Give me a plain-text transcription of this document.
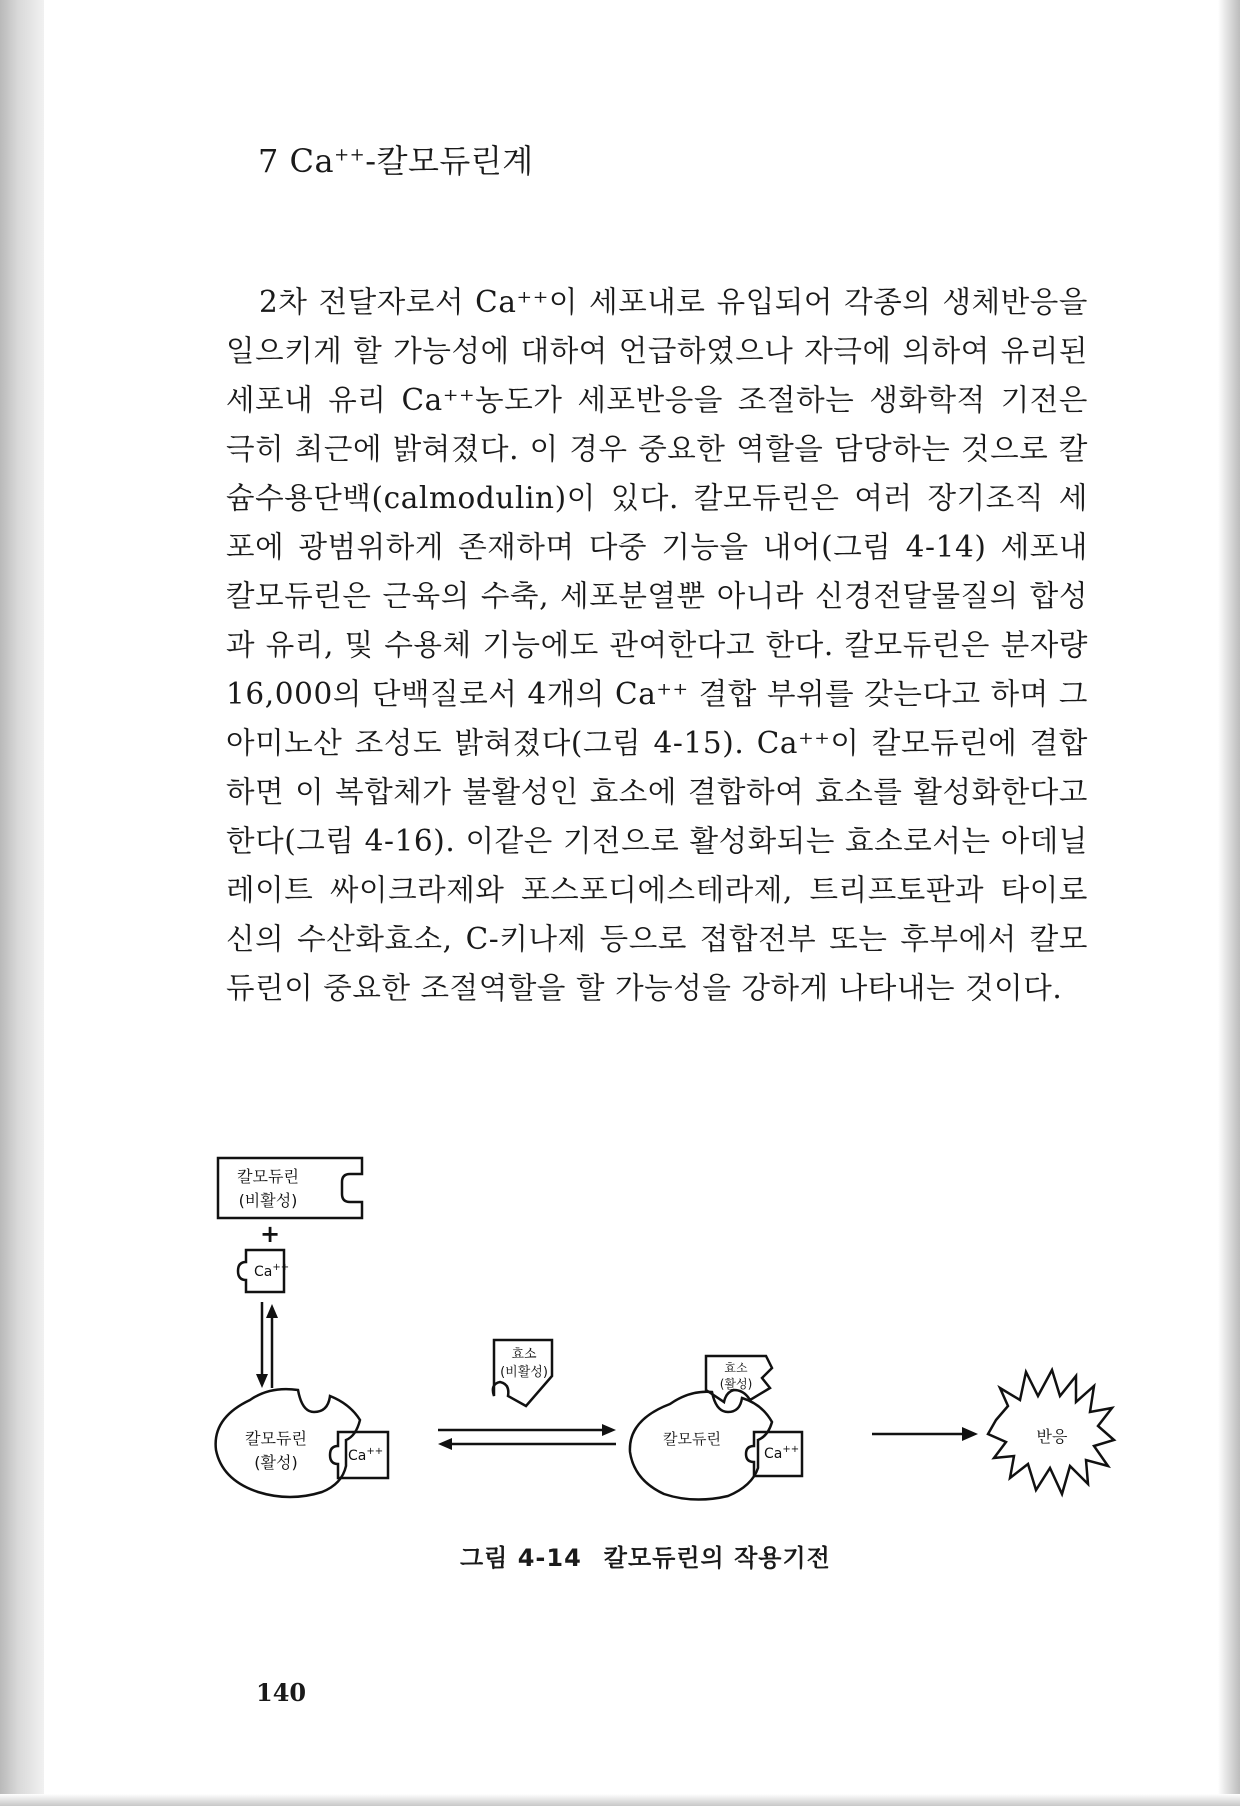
7 Ca++-칼모듀린계
2차 전달자로서 Ca⁺⁺이 세포내로 유입되어 각종의 생체반응을 일으키게 할 가능성에 대하여 언급하였으나 자극에 의하여 유리된 세포내 유리 Ca⁺⁺농도가 세포반응을 조절하는 생화학적 기전은 극히 최근에 밝혀졌다. 이 경우 중요한 역할을 담당하는 것으로 칼슘수용단백(calmodulin)이 있다. 칼모듀린은 여러 장기조직 세포에 광범위하게 존재하며 다중 기능을 내어(그림 4-14) 세포내 칼모듀린은 근육의 수축, 세포분열뿐 아니라 신경전달물질의 합성과 유리, 및 수용체 기능에도 관여한다고 한다. 칼모듀린은 분자량 16,000의 단백질로서 4개의 Ca⁺⁺ 결합 부위를 갖는다고 하며 그 아미노산 조성도 밝혀졌다(그림 4-15). Ca⁺⁺이 칼모듀린에 결합하면 이 복합체가 불활성인 효소에 결합하여 효소를 활성화한다고 한다(그림 4-16). 이같은 기전으로 활성화되는 효소로서는 아데닐레이트 싸이크라제와 포스포디에스테라제, 트리프토판과 타이로신의 수산화효소, C-키나제 등으로 접합전부 또는 후부에서 칼모듀린이 중요한 조절역할을 할 가능성을 강하게 나타내는 것이다.
칼모듀린
(비활성)
+
Ca++
칼모듀린
(활성)	Ca++
효소
(비활성)
칼모듀린
효소
(활성)
Ca++
반응
그림 4-14 칼모듀린의 작용기전
140
